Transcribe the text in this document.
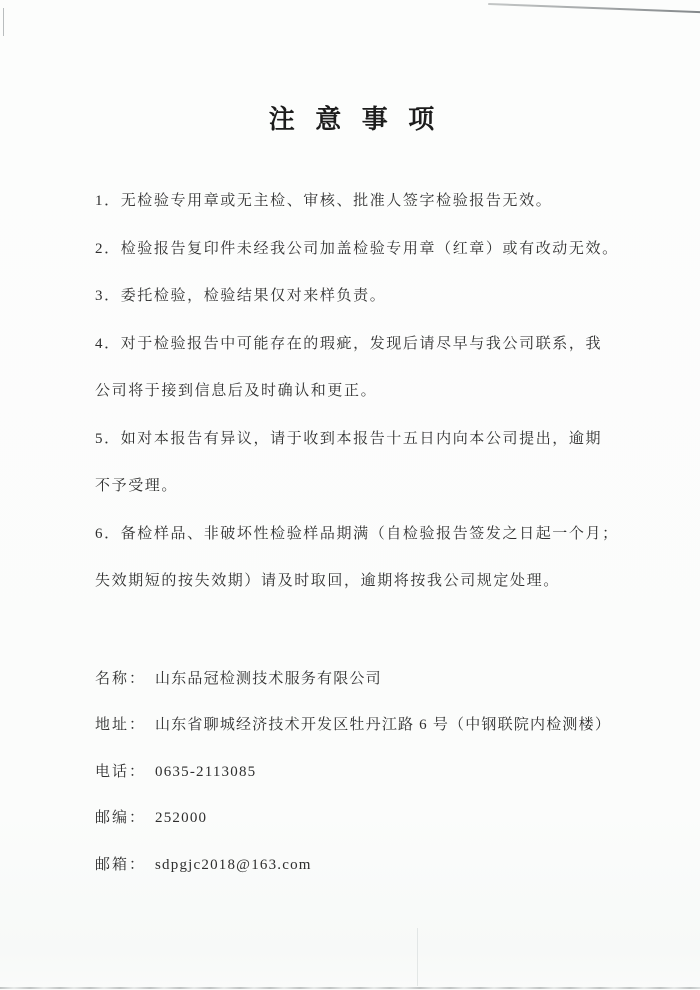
注 意 事 项
1．无检验专用章或无主检、审核、批准人签字检验报告无效。
2．检验报告复印件未经我公司加盖检验专用章（红章）或有改动无效。
3．委托检验，检验结果仅对来样负责。
4．对于检验报告中可能存在的瑕疵，发现后请尽早与我公司联系，我
公司将于接到信息后及时确认和更正。
5．如对本报告有异议，请于收到本报告十五日内向本公司提出，逾期
不予受理。
6．备检样品、非破坏性检验样品期满（自检验报告签发之日起一个月；
失效期短的按失效期）请及时取回，逾期将按我公司规定处理。
名称： 山东品冠检测技术服务有限公司
地址： 山东省聊城经济技术开发区牡丹江路 6 号（中钢联院内检测楼）
电话： 0635-2113085
邮编： 252000
邮箱： sdpgjc2018@163.com
